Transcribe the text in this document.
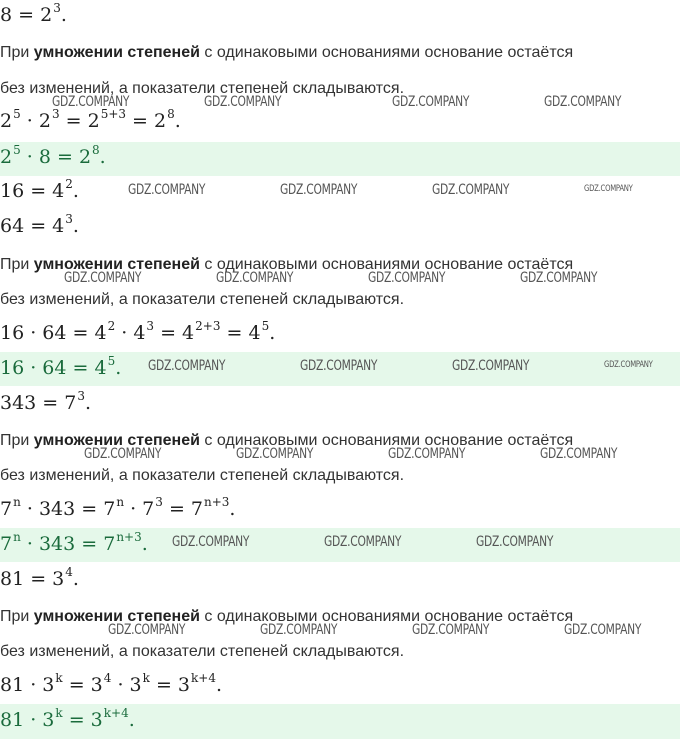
$8 = 2^3$.
При умножении степеней с одинаковыми основаниями основание остаётся
без изменений, а показатели степеней складываются.
$2^5 \cdot 2^3 = 2^{5+3} = 2^8$.
$2^5 \cdot 8 = 2^8$.
$16 = 4^2$.
$64 = 4^3$.
При умножении степеней с одинаковыми основаниями основание остаётся
без изменений, а показатели степеней складываются.
$16 \cdot 64 = 4^2 \cdot 4^3 = 4^{2+3} = 4^5$.
$16 \cdot 64 = 4^5$.
$343 = 7^3$.
При умножении степеней с одинаковыми основаниями основание остаётся
без изменений, а показатели степеней складываются.
$7^n \cdot 343 = 7^n \cdot 7^3 = 7^{n+3}$.
$7^n \cdot 343 = 7^{n+3}$.
$81 = 3^4$.
При умножении степеней с одинаковыми основаниями основание остаётся
без изменений, а показатели степеней складываются.
$81 \cdot 3^k = 3^4 \cdot 3^k = 3^{k+4}$.
$81 \cdot 3^k = 3^{k+4}$.
GDZ.COMPANY	GDZ.COMPANY	GDZ.COMPANY	GDZ.COMPANY
GDZ.COMPANY	GDZ.COMPANY	GDZ.COMPANY	GDZ.COMPANY
GDZ.COMPANY	GDZ.COMPANY	GDZ.COMPANY	GDZ.COMPANY
GDZ.COMPANY	GDZ.COMPANY	GDZ.COMPANY	GDZ.COMPANY
GDZ.COMPANY	GDZ.COMPANY	GDZ.COMPANY	GDZ.COMPANY
GDZ.COMPANY	GDZ.COMPANY	GDZ.COMPANY
GDZ.COMPANY	GDZ.COMPANY	GDZ.COMPANY	GDZ.COMPANY
